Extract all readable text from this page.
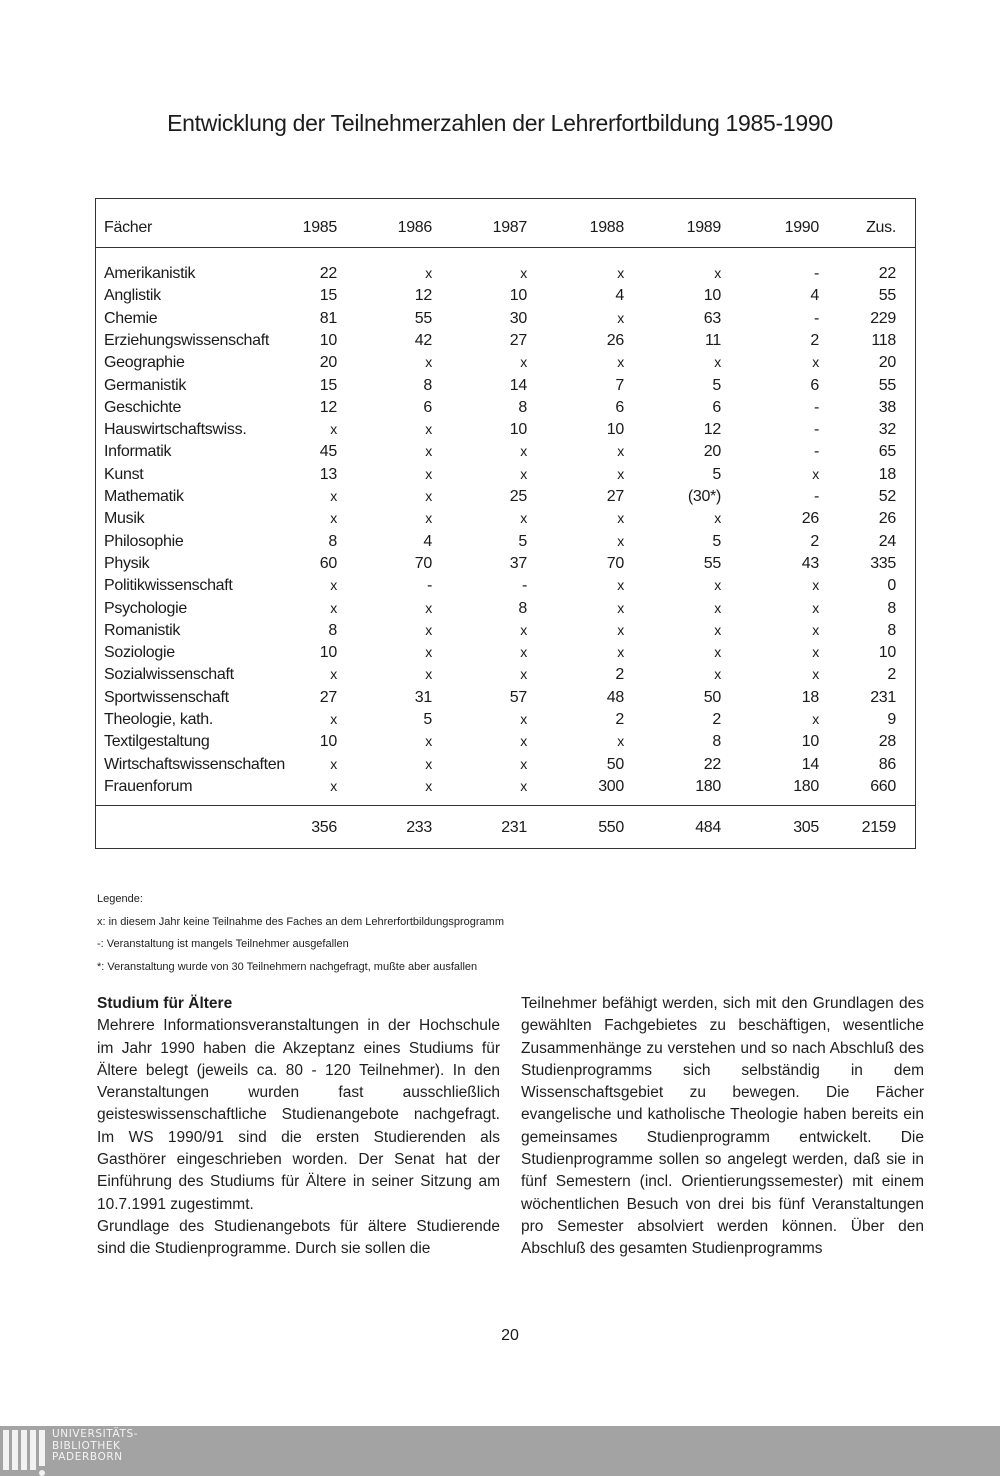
Entwicklung der Teilnehmerzahlen der Lehrerfortbildung 1985-1990
Fächer	1985	1986	1987	1988	1989	1990	Zus.
Amerikanistik	22	x	x	x	x	-	22
Anglistik	15	12	10	4	10	4	55
Chemie	81	55	30	x	63	-	229
Erziehungswissenschaft	10	42	27	26	11	2	118
Geographie	20	x	x	x	x	x	20
Germanistik	15	8	14	7	5	6	55
Geschichte	12	6	8	6	6	-	38
Hauswirtschaftswiss.	x	x	10	10	12	-	32
Informatik	45	x	x	x	20	-	65
Kunst	13	x	x	x	5	x	18
Mathematik	x	x	25	27	(30*)	-	52
Musik	x	x	x	x	x	26	26
Philosophie	8	4	5	x	5	2	24
Physik	60	70	37	70	55	43	335
Politikwissenschaft	x	-	-	x	x	x	0
Psychologie	x	x	8	x	x	x	8
Romanistik	8	x	x	x	x	x	8
Soziologie	10	x	x	x	x	x	10
Sozialwissenschaft	x	x	x	2	x	x	2
Sportwissenschaft	27	31	57	48	50	18	231
Theologie, kath.	x	5	x	2	2	x	9
Textilgestaltung	10	x	x	x	8	10	28
Wirtschaftswissenschaften	x	x	x	50	22	14	86
Frauenforum	x	x	x	300	180	180	660
356	233	231	550	484	305	2159
Legende:
x: in diesem Jahr keine Teilnahme des Faches an dem Lehrerfortbildungsprogramm
-: Veranstaltung ist mangels Teilnehmer ausgefallen
*: Veranstaltung wurde von 30 Teilnehmern nachgefragt, mußte aber ausfallen

Studium für Ältere

Mehrere Informationsveranstaltungen in der Hochschule im Jahr 1990 haben die Akzeptanz eines Studiums für Ältere belegt (jeweils ca. 80 - 120 Teilnehmer). In den Veranstaltungen wurden fast ausschließlich geisteswissenschaftliche Studienangebote nachgefragt. Im WS 1990/91 sind die ersten Studierenden als Gasthörer eingeschrieben worden. Der Senat hat der Einführung des Studiums für Ältere in seiner Sitzung am 10.7.1991 zugestimmt.

Grundlage des Studienangebots für ältere Studierende sind die Studienprogramme. Durch sie sollen die

Teilnehmer befähigt werden, sich mit den Grundlagen des gewählten Fachgebietes zu beschäftigen, wesentliche Zusammenhänge zu verstehen und so nach Abschluß des Studienprogramms sich selbständig in dem Wissenschaftsgebiet zu bewegen. Die Fächer evangelische und katholische Theologie haben bereits ein gemeinsames Studienprogramm entwickelt. Die Studienprogramme sollen so angelegt werden, daß sie in fünf Semestern (incl. Orientierungssemester) mit einem wöchentlichen Besuch von drei bis fünf Veranstaltungen pro Semester absolviert werden können. Über den Abschluß des gesamten Studienprogramms

20
UNIVERSITÄTS-
BIBLIOTHEK
PADERBORN
